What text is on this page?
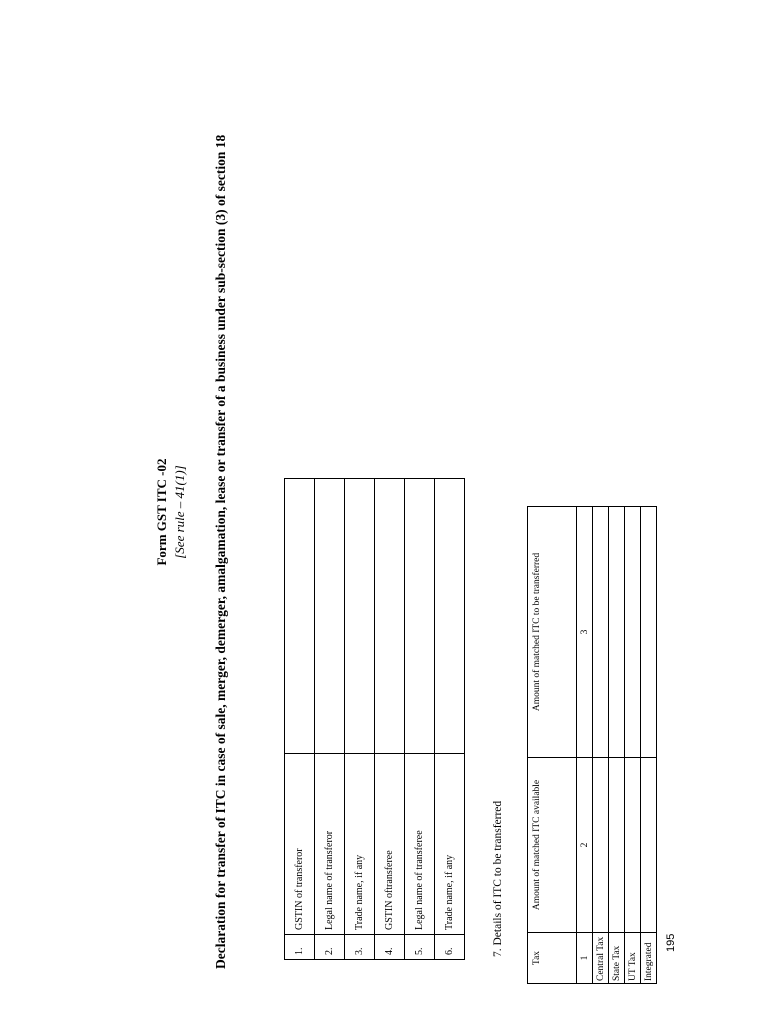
Form GST ITC -02 [See rule – 41(1)] Declaration for transfer of ITC in case of sale, merger, demerger, amalgamation, lease or transfer of a business under sub-section (3) of section 18	1.	GSTIN of transferor	
2.	Legal name of transferor	
3.	Trade name, if any	
4.	GSTIN oftransferee	
5.	Legal name of transferee	
6.	Trade name, if any		7. Details of ITC to be transferred
Tax	Amount of matched ITC available	Amount of matched ITC to be transferred
1	2	3
Central Tax		
State Tax		
UT Tax		
Integrated		195
